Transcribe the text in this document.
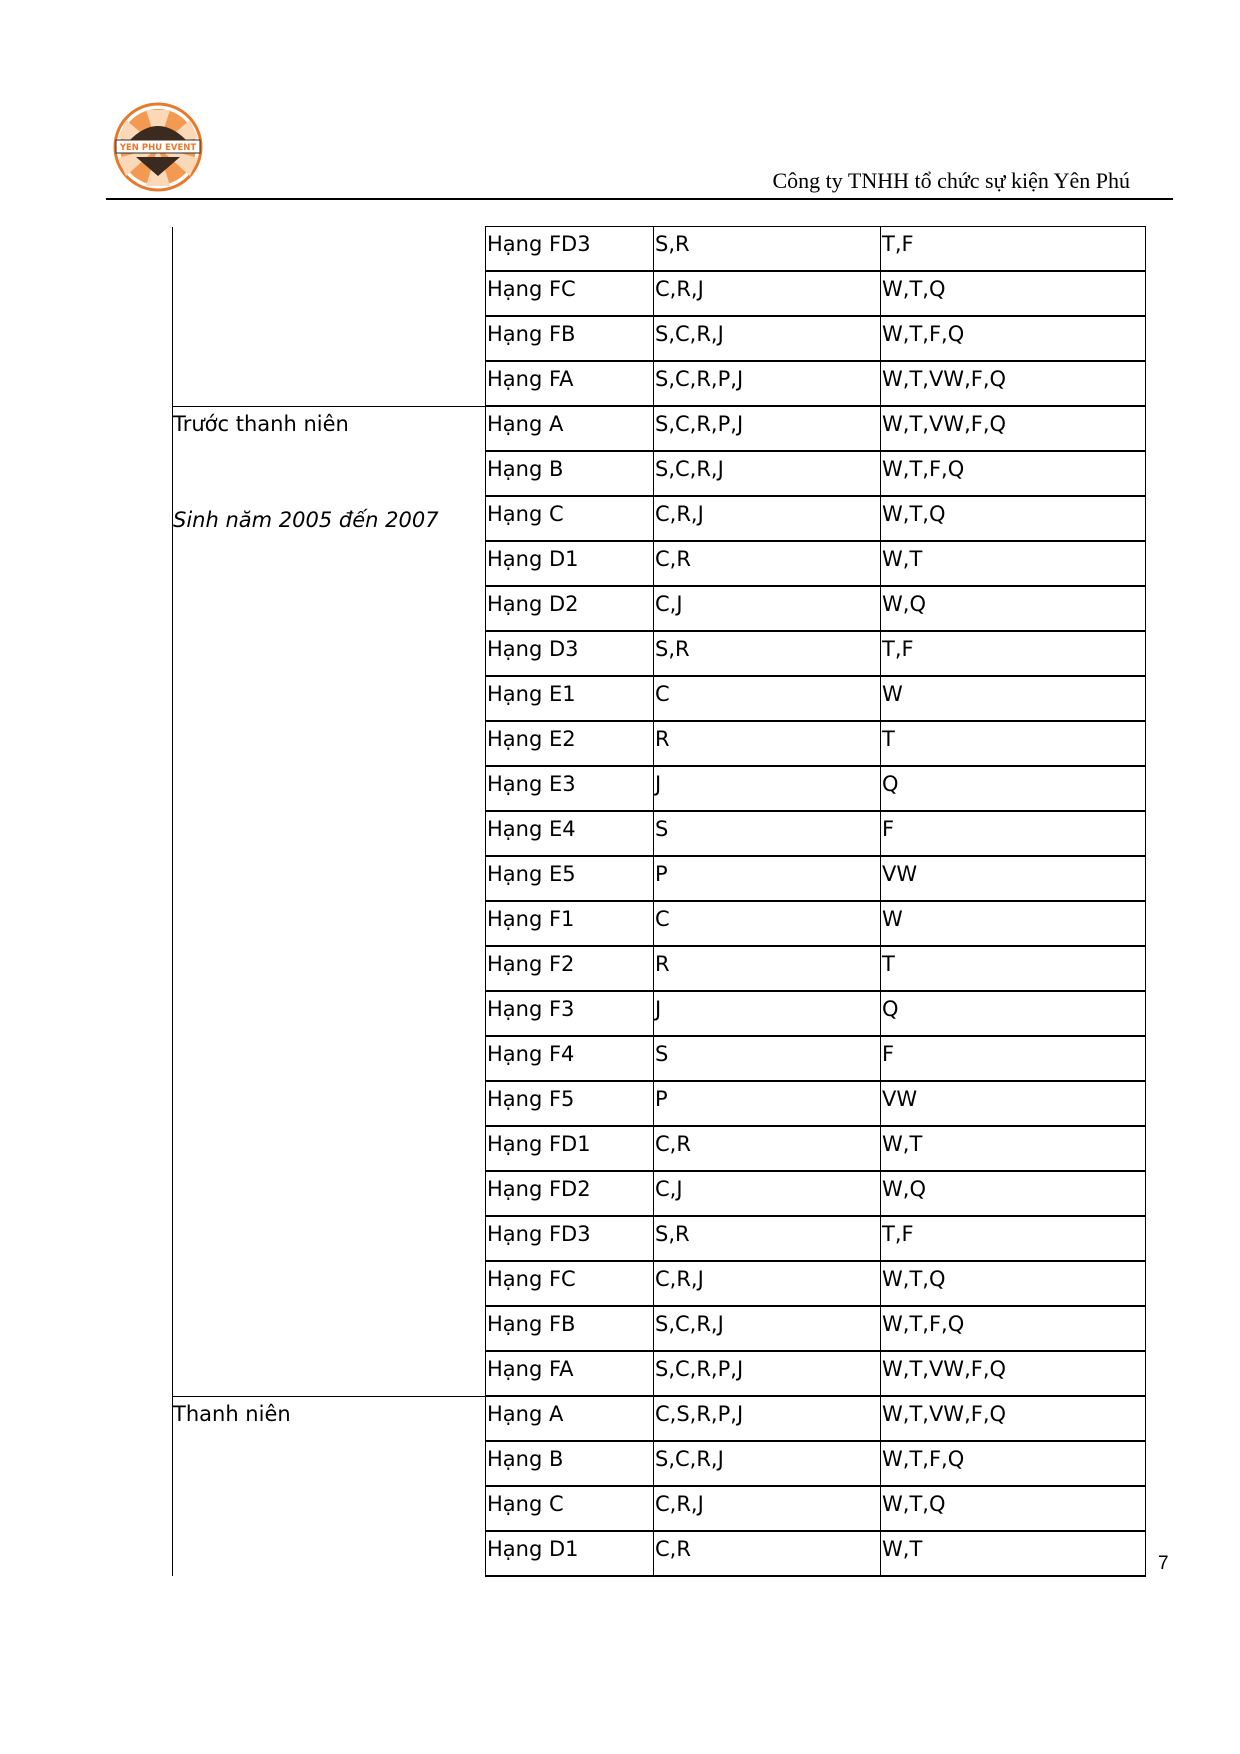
YEN PHU EVENT
Công ty TNHH tổ chức sự kiện Yên Phú
	Hạng FD3	S,R	T,F
	Hạng FC	C,R,J	W,T,Q
	Hạng FB	S,C,R,J	W,T,F,Q
	Hạng FA	S,C,R,P,J	W,T,VW,F,Q

Trước thanh niên
Sinh năm 2005 đến 2007	Hạng A	S,C,R,P,J	W,T,VW,F,Q
	Hạng B	S,C,R,J	W,T,F,Q
	Hạng C	C,R,J	W,T,Q
	Hạng D1	C,R	W,T
	Hạng D2	C,J	W,Q
	Hạng D3	S,R	T,F
	Hạng E1	C	W
	Hạng E2	R	T
	Hạng E3	J	Q
	Hạng E4	S	F
	Hạng E5	P	VW
	Hạng F1	C	W
	Hạng F2	R	T
	Hạng F3	J	Q
	Hạng F4	S	F
	Hạng F5	P	VW
	Hạng FD1	C,R	W,T
	Hạng FD2	C,J	W,Q
	Hạng FD3	S,R	T,F
	Hạng FC	C,R,J	W,T,Q
	Hạng FB	S,C,R,J	W,T,F,Q
	Hạng FA	S,C,R,P,J	W,T,VW,F,Q

Thanh niên	Hạng A	C,S,R,P,J	W,T,VW,F,Q
	Hạng B	S,C,R,J	W,T,F,Q
	Hạng C	C,R,J	W,T,Q
	Hạng D1	C,R	W,T
7
